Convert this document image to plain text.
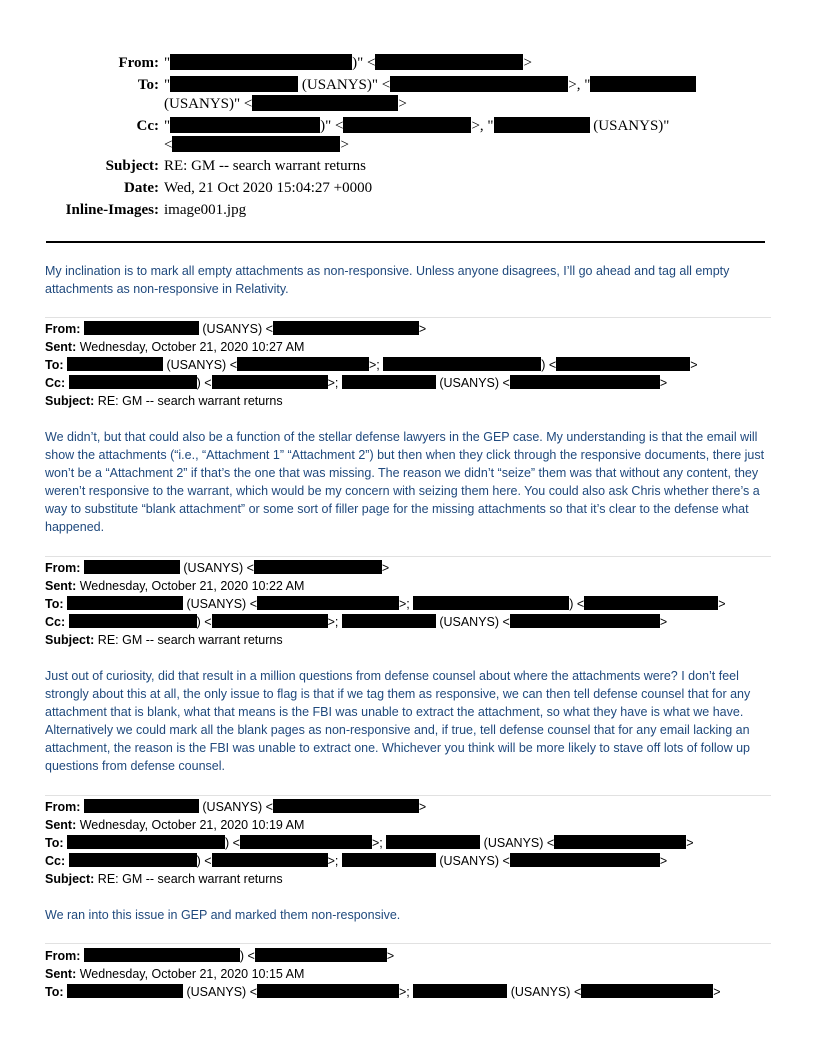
From: "	)" <	>
To: "	(USANYS)" <	>, "
(USANYS)" <	>
Cc: "	)" <	>, "	(USANYS)"
<	>
Subject: RE: GM -- search warrant returns
Date: Wed, 21 Oct 2020 15:04:27 +0000
Inline-Images: image001.jpg
My inclination is to mark all empty attachments as non-responsive. Unless anyone disagrees, I’ll go ahead and tag all empty attachments as non-responsive in Relativity.
From:	(USANYS) <	>
Sent: Wednesday, October 21, 2020 10:27 AM
To:	(USANYS) <	>;	) <	>
Cc:	) <	>;	(USANYS) <	>
Subject: RE: GM -- search warrant returns
We didn’t, but that could also be a function of the stellar defense lawyers in the GEP case. My understanding is that the email will show the attachments (“i.e., “Attachment 1” “Attachment 2”) but then when they click through the responsive documents, there just won’t be a “Attachment 2” if that’s the one that was missing. The reason we didn’t “seize” them was that without any content, they weren’t responsive to the warrant, which would be my concern with seizing them here. You could also ask Chris whether there’s a way to substitute “blank attachment” or some sort of filler page for the missing attachments so that it’s clear to the defense what happened.
From:	(USANYS) <	>
Sent: Wednesday, October 21, 2020 10:22 AM
To:	(USANYS) <	>;	) <	>
Cc:	) <	>;	(USANYS) <	>
Subject: RE: GM -- search warrant returns
Just out of curiosity, did that result in a million questions from defense counsel about where the attachments were? I don’t feel strongly about this at all, the only issue to flag is that if we tag them as responsive, we can then tell defense counsel that for any attachment that is blank, what that means is the FBI was unable to extract the attachment, so what they have is what we have. Alternatively we could mark all the blank pages as non-responsive and, if true, tell defense counsel that for any email lacking an attachment, the reason is the FBI was unable to extract one. Whichever you think will be more likely to stave off lots of follow up questions from defense counsel.
From:	(USANYS) <	>
Sent: Wednesday, October 21, 2020 10:19 AM
To:	) <	>;	(USANYS) <	>
Cc:	) <	>;	(USANYS) <	>
Subject: RE: GM -- search warrant returns
We ran into this issue in GEP and marked them non-responsive.
From:	) <	>
Sent: Wednesday, October 21, 2020 10:15 AM
To:	(USANYS) <	>;	(USANYS) <	>
